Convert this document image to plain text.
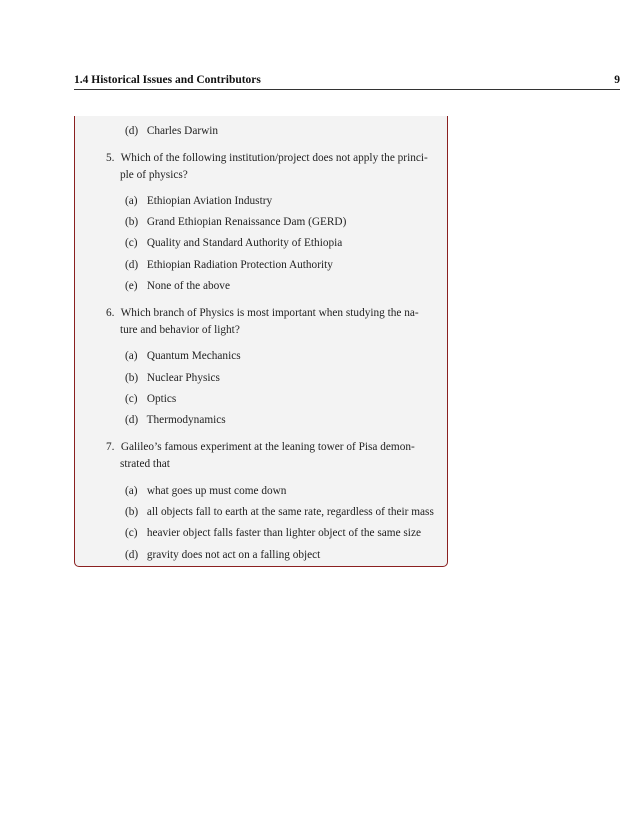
1.4 Historical Issues and Contributors	9
(d) Charles Darwin
5. Which of the following institution/project does not apply the princi-
ple of physics?
(a) Ethiopian Aviation Industry
(b) Grand Ethiopian Renaissance Dam (GERD)
(c) Quality and Standard Authority of Ethiopia
(d) Ethiopian Radiation Protection Authority
(e) None of the above
6. Which branch of Physics is most important when studying the na-
ture and behavior of light?
(a) Quantum Mechanics
(b) Nuclear Physics
(c) Optics
(d) Thermodynamics
7. Galileo’s famous experiment at the leaning tower of Pisa demon-
strated that
(a) what goes up must come down
(b) all objects fall to earth at the same rate, regardless of their mass
(c) heavier object falls faster than lighter object of the same size
(d) gravity does not act on a falling object
